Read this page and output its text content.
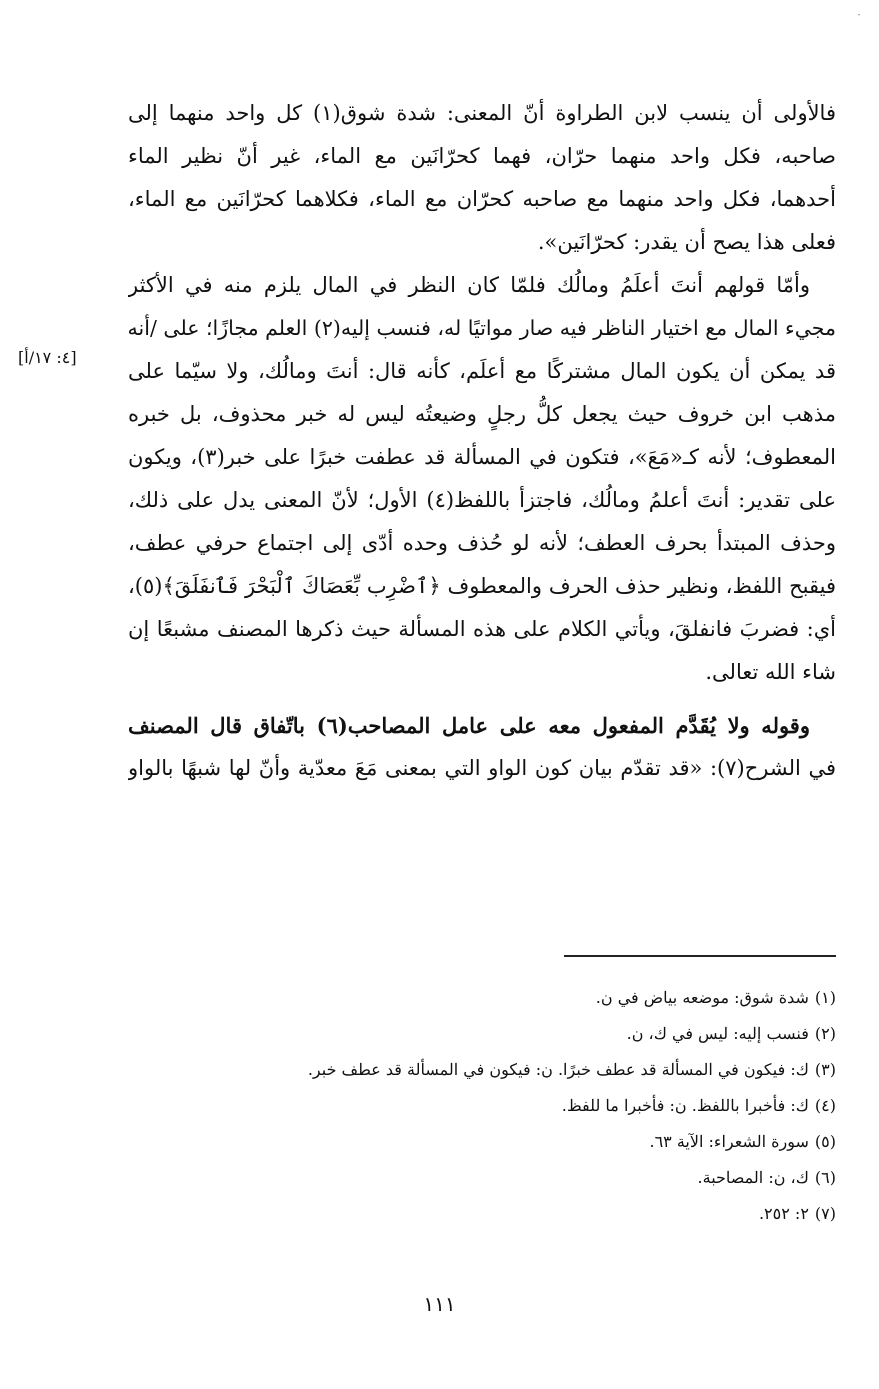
·
[٤: ١٧/أ]
فالأولى أن ينسب لابن الطراوة أنّ المعنى: شدة شوق(١) كل واحد منهما إلى
صاحبه، فكل واحد منهما حرّان، فهما كحرّانَين مع الماء، غير أنّ نظير الماء
أحدهما، فكل واحد منهما مع صاحبه كحرّان مع الماء، فكلاهما كحرّانَين مع الماء،
فعلى هذا يصح أن يقدر: كحرّانَين».
وأمّا قولهم أنتَ أعلَمُ ومالُك فلمّا كان النظر في المال يلزم منه في الأكثر
مجيء المال مع اختيار الناظر فيه صار مواتيًا له، فنسب إليه(٢) العلم مجازًا؛ على /أنه
قد يمكن أن يكون المال مشتركًا مع أعلَم، كأنه قال: أنتَ ومالُك، ولا سيّما على
مذهب ابن خروف حيث يجعل كلُّ رجلٍ وضيعتُه ليس له خبر محذوف، بل خبره
المعطوف؛ لأنه كـ«مَعَ»، فتكون في المسألة قد عطفت خبرًا على خبر(٣)، ويكون
على تقدير: أنتَ أعلمُ ومالُك، فاجتزأ باللفظ(٤) الأول؛ لأنّ المعنى يدل على ذلك،
وحذف المبتدأ بحرف العطف؛ لأنه لو حُذف وحده أدّى إلى اجتماع حرفي عطف،
فيقبح اللفظ، ونظير حذف الحرف والمعطوف ﴿ٱضْرِب بِّعَصَاكَ ٱلْبَحْرَ فَٱنفَلَقَ﴾(٥)،
أي: فضربَ فانفلقَ، ويأتي الكلام على هذه المسألة حيث ذكرها المصنف مشبعًا إن
شاء الله تعالى.
وقوله ولا يُقَدَّم المفعول معه على عامل المصاحب(٦) باتّفاق قال المصنف
في الشرح(٧): «قد تقدّم بيان كون الواو التي بمعنى مَعَ معدّية وأنّ لها شبهًا بالواو
(١)شدة شوق: موضعه بياض في ن.
(٢)فنسب إليه: ليس في ك، ن.
(٣)ك: فيكون في المسألة قد عطف خبرًا. ن: فيكون في المسألة قد عطف خبر.
(٤)ك: فأخبرا باللفظ. ن: فأخبرا ما للفظ.
(٥)سورة الشعراء: الآية ٦٣.
(٦)ك، ن: المصاحبة.
(٧)٢: ٢٥٢.
١١١
